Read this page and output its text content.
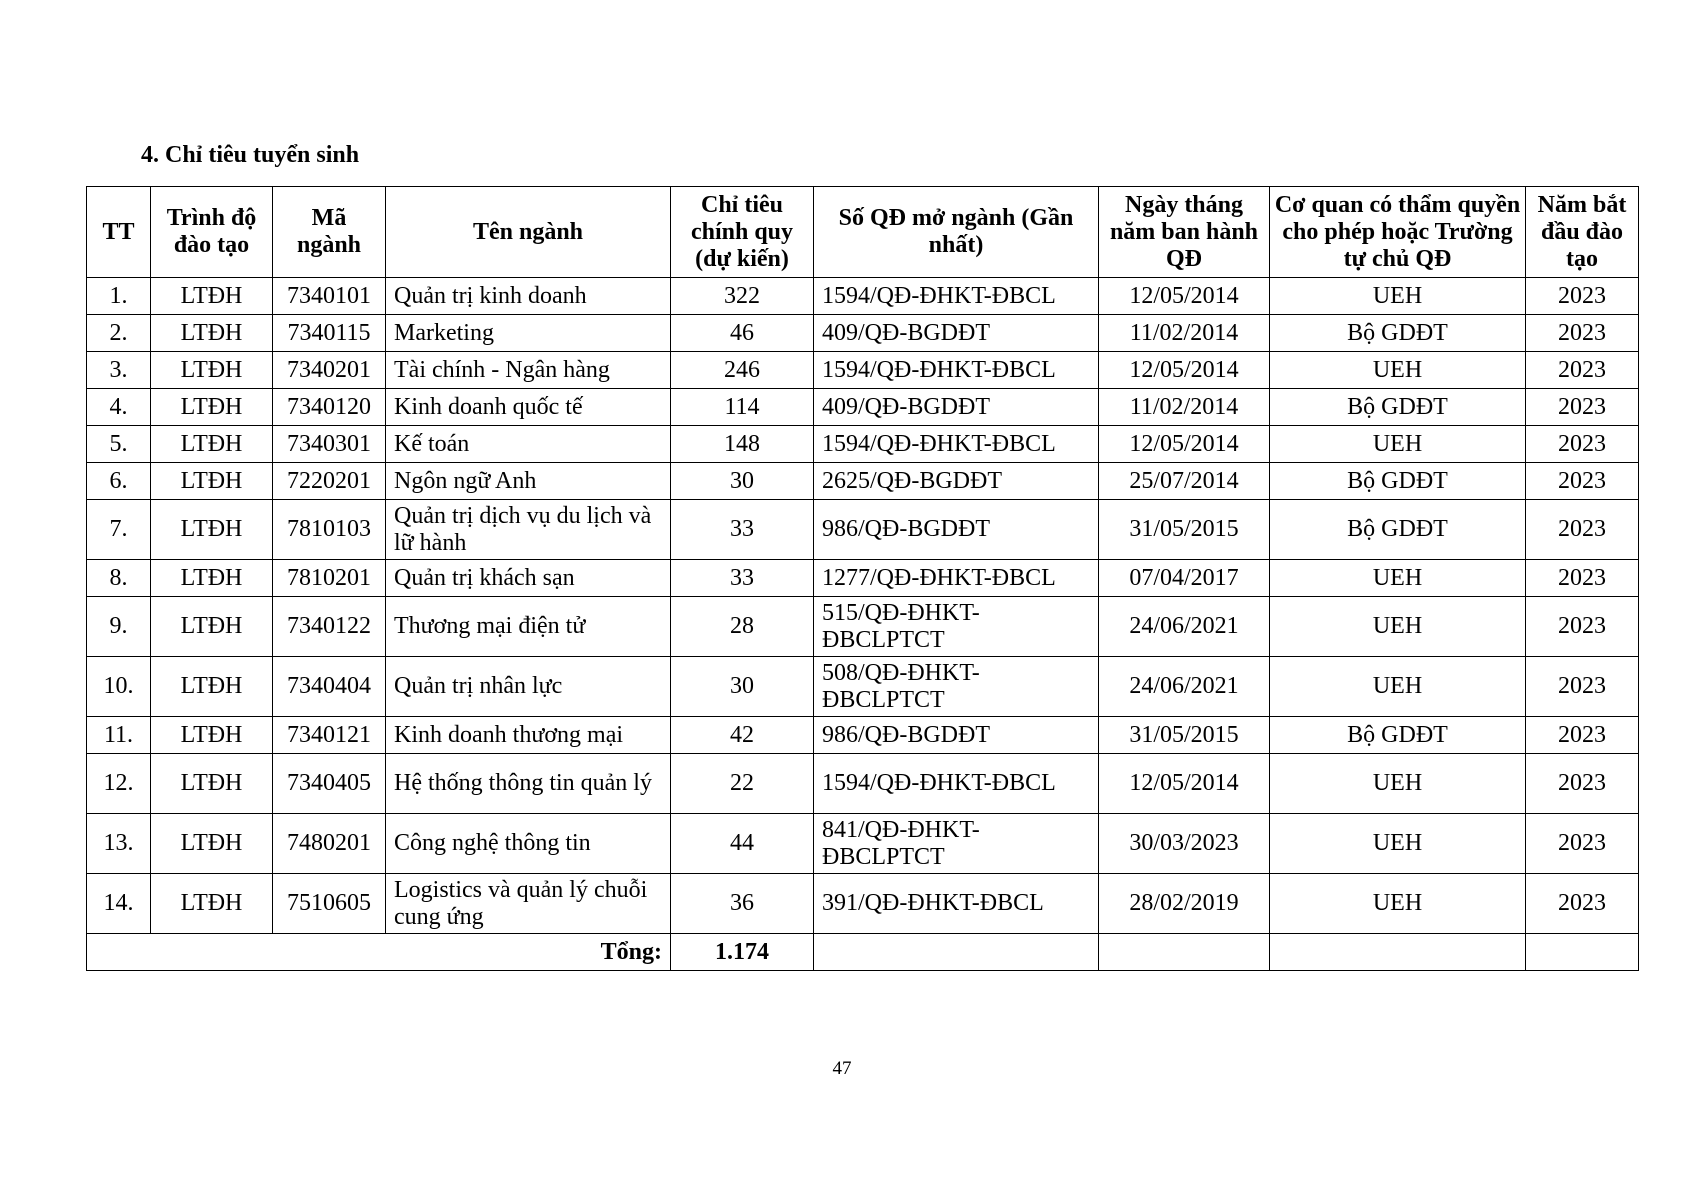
4. Chỉ tiêu tuyển sinh
TT	Trình độ đào tạo	Mã ngành	Tên ngành	Chỉ tiêu chính quy (dự kiến)	Số QĐ mở ngành (Gần nhất)	Ngày tháng năm ban hành QĐ	Cơ quan có thẩm quyền cho phép hoặc Trường tự chủ QĐ	Năm bắt đầu đào tạo
1.	LTĐH	7340101	Quản trị kinh doanh	322	1594/QĐ-ĐHKT-ĐBCL	12/05/2014	UEH	2023
2.	LTĐH	7340115	Marketing	46	409/QĐ-BGDĐT	11/02/2014	Bộ GDĐT	2023
3.	LTĐH	7340201	Tài chính - Ngân hàng	246	1594/QĐ-ĐHKT-ĐBCL	12/05/2014	UEH	2023
4.	LTĐH	7340120	Kinh doanh quốc tế	114	409/QĐ-BGDĐT	11/02/2014	Bộ GDĐT	2023
5.	LTĐH	7340301	Kế toán	148	1594/QĐ-ĐHKT-ĐBCL	12/05/2014	UEH	2023
6.	LTĐH	7220201	Ngôn ngữ Anh	30	2625/QĐ-BGDĐT	25/07/2014	Bộ GDĐT	2023
7.	LTĐH	7810103	Quản trị dịch vụ du lịch và lữ hành	33	986/QĐ-BGDĐT	31/05/2015	Bộ GDĐT	2023
8.	LTĐH	7810201	Quản trị khách sạn	33	1277/QĐ-ĐHKT-ĐBCL	07/04/2017	UEH	2023
9.	LTĐH	7340122	Thương mại điện tử	28	515/QĐ-ĐHKT-ĐBCLPTCT	24/06/2021	UEH	2023
10.	LTĐH	7340404	Quản trị nhân lực	30	508/QĐ-ĐHKT-ĐBCLPTCT	24/06/2021	UEH	2023
11.	LTĐH	7340121	Kinh doanh thương mại	42	986/QĐ-BGDĐT	31/05/2015	Bộ GDĐT	2023
12.	LTĐH	7340405	Hệ thống thông tin quản lý	22	1594/QĐ-ĐHKT-ĐBCL	12/05/2014	UEH	2023
13.	LTĐH	7480201	Công nghệ thông tin	44	841/QĐ-ĐHKT-ĐBCLPTCT	30/03/2023	UEH	2023
14.	LTĐH	7510605	Logistics và quản lý chuỗi cung ứng	36	391/QĐ-ĐHKT-ĐBCL	28/02/2019	UEH	2023
Tổng:				1.174				
47
